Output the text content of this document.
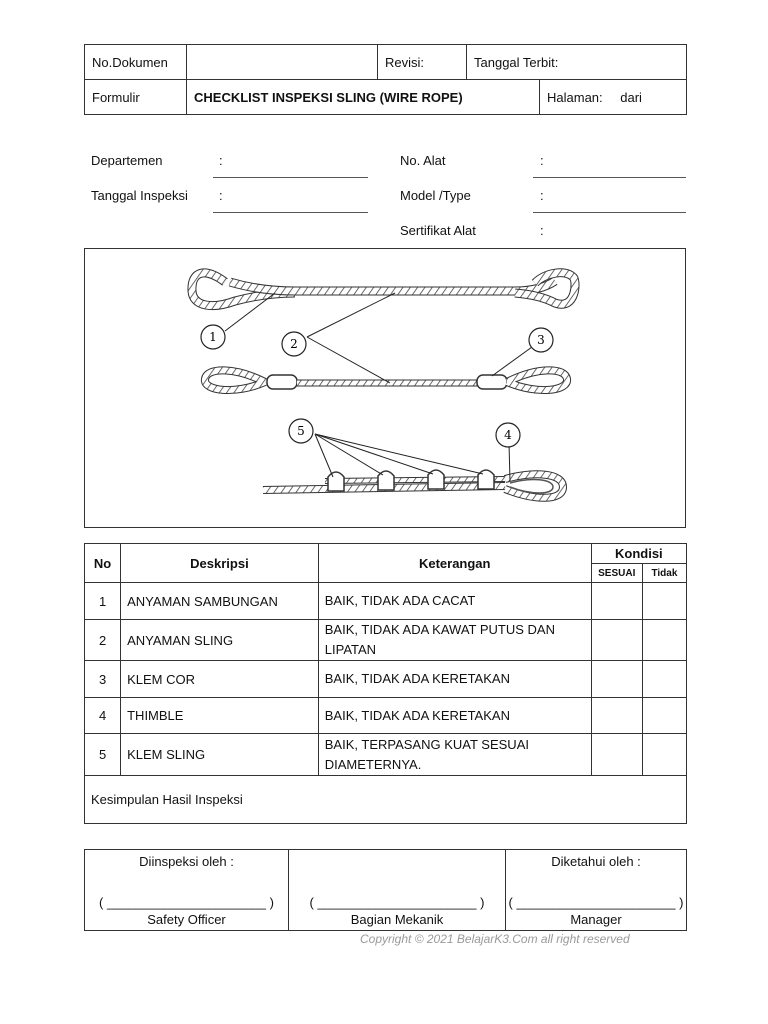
No.Dokumen		Revisi:	Tanggal Terbit:	
Formulir	CHECKLIST INSPEKSI SLING (WIRE ROPE)			Halaman: dari
Departemen	:
Tanggal Inspeksi :
No. Alat	:
Model /Type	:
Sertifikat Alat	:
1	2	3
4
5
No	Deskripsi	Keterangan	Kondisi	
			SESUAI	Tidak
1	ANYAMAN SAMBUNGAN	BAIK, TIDAK ADA CACAT		
2	ANYAMAN SLING	BAIK, TIDAK ADA KAWAT PUTUS DAN LIPATAN		
3	KLEM COR	BAIK, TIDAK ADA KERETAKAN		
4	THIMBLE	BAIK, TIDAK ADA KERETAKAN		
5	KLEM SLING	BAIK, TERPASANG KUAT SESUAI DIAMETERNYA.		
Kesimpulan Hasil Inspeksi				
Diinspeksi oleh :
( ______________________ )
Safety Officer

( ______________________ )
Bagian Mekanik

Diketahui oleh :
( ______________________ )
Manager
Copyright © 2021 BelajarK3.Com all right reserved
